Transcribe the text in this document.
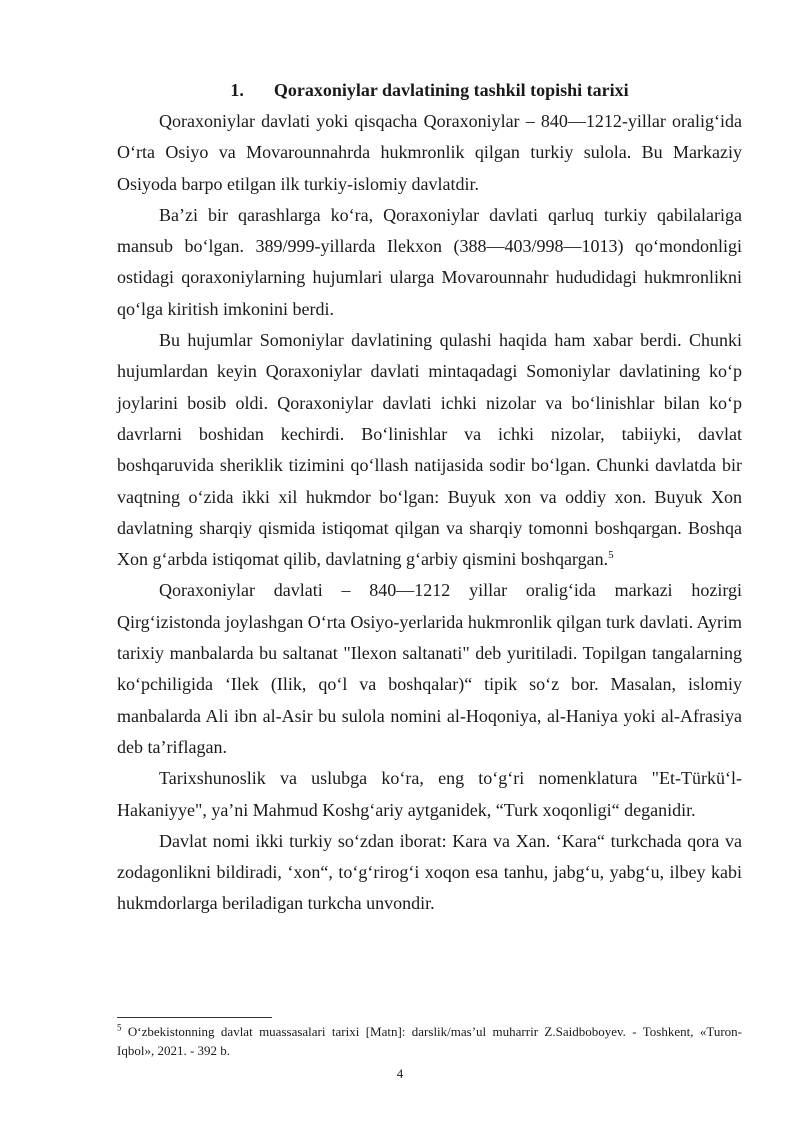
1. Qoraxoniylar davlatining tashkil topishi tarixi

Qoraxoniylar davlati yoki qisqacha Qoraxoniylar – 840—1212-yillar oralig‘ida O‘rta Osiyo va Movarounnahrda hukmronlik qilgan turkiy sulola. Bu Markaziy Osiyoda barpo etilgan ilk turkiy-islomiy davlatdir.

Ba’zi bir qarashlarga ko‘ra, Qoraxoniylar davlati qarluq turkiy qabilalariga mansub bo‘lgan. 389/999-yillarda Ilekxon (388—403/998—1013) qo‘mondonligi ostidagi qoraxoniylarning hujumlari ularga Movarounnahr hududidagi hukmronlikni qo‘lga kiritish imkonini berdi.

Bu hujumlar Somoniylar davlatining qulashi haqida ham xabar berdi. Chunki hujumlardan keyin Qoraxoniylar davlati mintaqadagi Somoniylar davlatining ko‘p joylarini bosib oldi. Qoraxoniylar davlati ichki nizolar va bo‘linishlar bilan ko‘p davrlarni boshidan kechirdi. Bo‘linishlar va ichki nizolar, tabiiyki, davlat boshqaruvida sheriklik tizimini qo‘llash natijasida sodir bo‘lgan. Chunki davlatda bir vaqtning o‘zida ikki xil hukmdor bo‘lgan: Buyuk xon va oddiy xon. Buyuk Xon davlatning sharqiy qismida istiqomat qilgan va sharqiy tomonni boshqargan. Boshqa Xon g‘arbda istiqomat qilib, davlatning g‘arbiy qismini boshqargan.$^5$

Qoraxoniylar davlati – 840—1212 yillar oralig‘ida markazi hozirgi Qirg‘izistonda joylashgan O‘rta Osiyo-yerlarida hukmronlik qilgan turk davlati. Ayrim tarixiy manbalarda bu saltanat "Ilexon saltanati" deb yuritiladi. Topilgan tangalarning ko‘pchiligida ‘Ilek (Ilik, qo‘l va boshqalar)“ tipik so‘z bor. Masalan, islomiy manbalarda Ali ibn al-Asir bu sulola nomini al-Hoqoniya, al-Haniya yoki al-Afrasiya deb ta’riflagan.

Tarixshunoslik va uslubga ko‘ra, eng to‘g‘ri nomenklatura "Et-Türkü‘l-Hakaniyye", ya’ni Mahmud Koshg‘ariy aytganidek, “Turk xoqonligi“ deganidir.

Davlat nomi ikki turkiy so‘zdan iborat: Kara va Xan. ‘Kara“ turkchada qora va zodagonlikni bildiradi, ‘xon“, to‘g‘rirog‘i xoqon esa tanhu, jabg‘u, yabg‘u, ilbey kabi hukmdorlarga beriladigan turkcha unvondir.

$^5$ O‘zbekistonning davlat muassasalari tarixi [Matn]: darslik/mas’ul muharrir Z.Saidboboyev. - Toshkent, «Turon-Iqbol», 2021. - 392 b.

4
